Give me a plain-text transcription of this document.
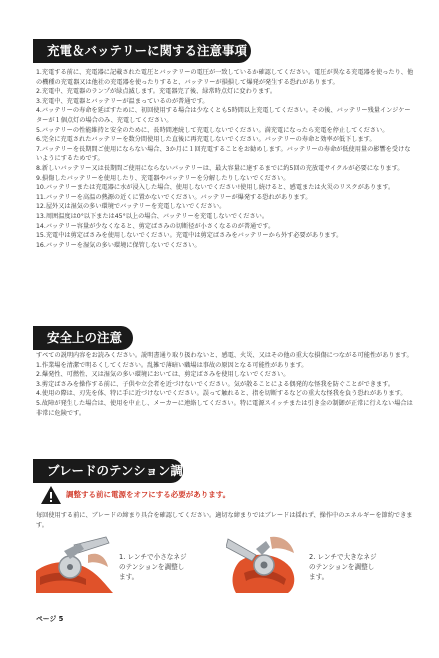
充電＆バッテリーに関する注意事項

1.充電する前に、充電器に記載された電圧とバッテリーの電圧が一致しているか確認してください。電圧が異なる充電器を使ったり、他の機種の充電器又は他社の充電器を使ったりすると、バッテリーが損損して爆発が発生する恐れがあります。

2.充電中、充電器のランプが緑点滅します。充電器完了後、緑常時点灯に変わります。

3.充電中、充電器とバッテリーが温まっているのが普通です。

4.バッテリーの寿命を延ばすために、初回使用する場合は少なくとも5時間以上充電してください。その後、バッテリー残量インジケーターが１個点灯の場合のみ、充電してください。

5.バッテリーの性能維持と安全のために、長時間連続して充電しないでください。満充電になったら充電を停止してください。

6.完全に充電されたバッテリーを数分間使用した直後に再充電しないでください。バッテリーの寿命と効率が低下します。

7.バッテリーを長期間ご使用にならない場合、3か月に１回充電することをお勧めします。バッテリーの寿命が低使用量の影響を受けないようにするためです。

8.新しいバッテリー又は長期間ご使用にならないバッテリーは、最大容量に達するまでに約5回の充放電サイクルが必要になります。

9.損傷したバッテリーを使用したり、充電器やバッテリーを分解したりしないでください。

10.バッテリーまたは充電器に水が浸入した場合、使用しないでください!使用し続けると、感電または火災のリスクがあります。

11.バッテリーを高温の熱源の近くに置かないでください。バッテリーが爆発する恐れがあります。

12.屋外又は湿気の多い環境でバッテリーを充電しないでください。

13.周囲温度は0°以下または45°以上の場合、バッテリーを充電しないでください。

14.バッテリー容量が少なくなると、剪定ばさみの切断径が小さくなるのが普通です。

15.充電中は剪定ばさみを使用しないでください。充電中は剪定ばさみをバッテリーから外す必要があります。

16.バッテリーを湿気の多い環境に保管しないでください。

安全上の注意

すべての説明内容をお読みください。説明書通り取り扱わないと、感電、火災、又はその他の重大な損傷につながる可能性があります。

1.作業場を清潔で明るくしてください。乱雑で薄暗い職場は事故の原因となる可能性があります。

2.爆発性、可燃性、又は湿気の多い環境においては、剪定ばさみを使用しないでください。

3.剪定ばさみを操作する前に、子供や立会者を近づけないでください。気が散ることによる偶発的な怪我を防ぐことができます。

4.使用の際は、刃先を体、特に手に近づけないでください。誤って触れると、指を切断するなどの重大な怪我を負う恐れがあります。

5.故障が発生した場合は、使用を中止し、メーカーに連絡してください。特に電源スイッチまたは引き金の制御が正常に行えない場合は非常に危険です。

ブレードのテンション調整
調整する前に電源をオフにする必要があります。
毎回使用する前に、ブレードの締まり具合を確認してください。適切な締まりではブレードは揺れず、操作中のエネルギーを節約できます。
1. レンチで小さなネジのテンションを調整します。
2. レンチで大きなネジのテンションを調整します。
ページ 5
